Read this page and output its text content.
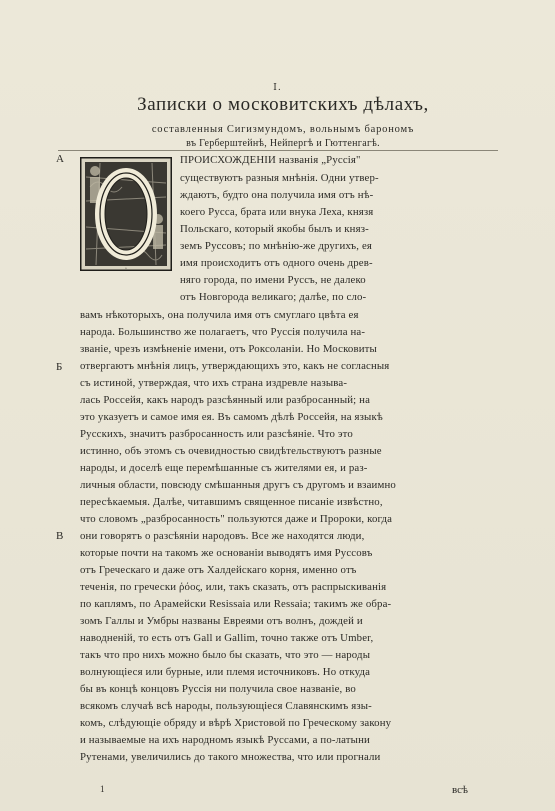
I.
Записки о московитскихъ дѣлахъ,
составленныя Сигизмундомъ, вольнымъ барономъ
въ Герберштейнѣ, Нейпергѣ и Гюттенгагѣ.
А
Б
В
О
ПРОИСХОЖДЕНІИ названія „Руссія"
существуютъ разныя мнѣнія. Одни утвер-
ждаютъ, будто она получила имя отъ нѣ-
коего Русса, брата или внука Леха, князя
Польскаго, который якобы былъ и княз-
земъ Руссовъ; по мнѣнію-же другихъ, ея
имя происходитъ отъ одного очень древ-
няго города, по имени Руссъ, не далеко
отъ Новгорода великаго; далѣе, по сло-
вамъ нѣкоторыхъ, она получила имя отъ смуглаго цвѣта ея
народа. Большинство же полагаетъ, что Руссія получила на-
званіе, чрезъ измѣненіе имени, отъ Роксоланіи. Но Московиты
отвергаютъ мнѣнія лицъ, утверждающихъ это, какъ не согласныя
съ истиной, утверждая, что ихъ страна издревле называ-
лась Россейя, какъ народъ разсѣянный или разбросанный; на
это указуетъ и самое имя ея. Въ самомъ дѣлѣ Россейя, на языкѣ
Русскихъ, значитъ разбросанность или разсѣяніе. Что это
истинно, объ этомъ съ очевидностью свидѣтельствуютъ разные
народы, и доселѣ еще перемѣшанные съ жителями ея, и раз-
личныя области, повсюду смѣшанныя другъ съ другомъ и взаимно
пересѣкаемыя. Далѣе, читавшимъ священное писаніе извѣстно,
что словомъ „разбросанность" пользуются даже и Пророки, когда
они говорятъ о разсѣяніи народовъ. Все же находятся люди,
которые почти на такомъ же основаніи выводятъ имя Руссовъ
отъ Греческаго и даже отъ Халдейскаго корня, именно отъ
теченія, по гречески ῥόος, или, такъ сказать, отъ распрыскиванія
по каплямъ, по Арамейски Resissaia или Ressaia; такимъ же обра-
зомъ Галлы и Умбры названы Евреями отъ волнъ, дождей и
наводненій, то есть отъ Gall и Gallim, точно также отъ Umber,
такъ что про нихъ можно было бы сказать, что это — народы
волнующіеся или бурные, или племя источниковъ. Но откуда
бы въ концѣ концовъ Руссія ни получила свое названіе, во
всякомъ случаѣ всѣ народы, пользующіеся Славянскимъ язы-
комъ, слѣдующіе обряду и вѣрѣ Христовой по Греческому закону
и называемые на ихъ народномъ языкѣ Руссами, а по-латыни
Рутенами, увеличились до такого множества, что или прогнали
1	всѣ
